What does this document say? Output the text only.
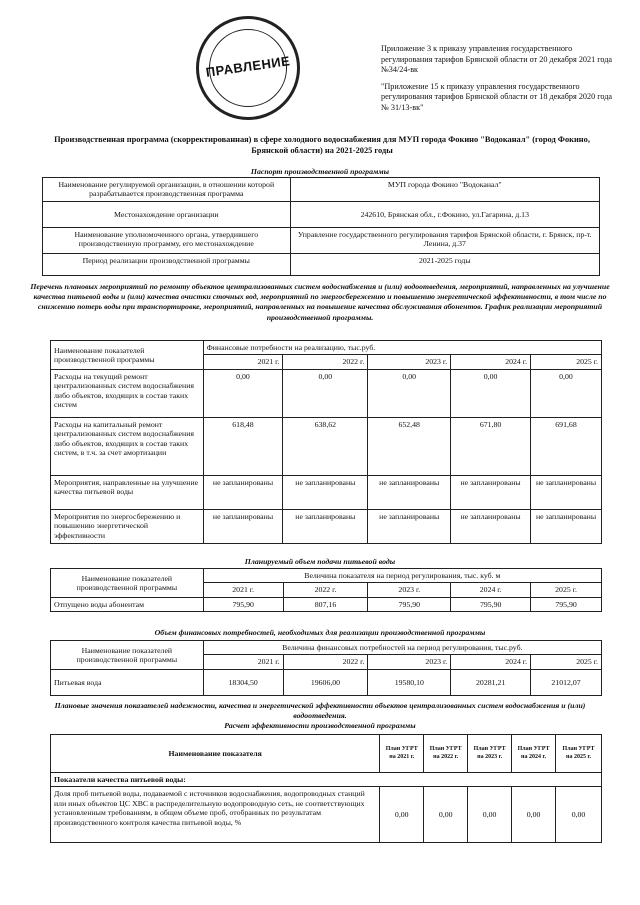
ПРАВЛЕНИЕ

Приложение 3 к приказу управления государственного регулирования тарифов Брянской области от 20 декабря 2021 года №34/24-вк

"Приложение 15 к приказу управления государственного регулирования тарифов Брянской области от 18 декабря 2020 года № 31/13-вк"

Производственная программа (скорректированная) в сфере холодного водоснабжения для МУП города Фокино "Водоканал" (город Фокино, Брянской области) на 2021-2025 годы
Паспорт производственной программы
Наименование регулируемой организации, в отношении которой разрабатывается производственная программа	МУП города Фокино "Водоканал"
Местонахождение организации	242610, Брянская обл., г.Фокино, ул.Гагарина, д.13
Наименование уполномоченного органа, утвердившего производственную программу, его местонахождение	Управление государственного регулирования тарифов Брянской области, г. Брянск, пр-т. Ленина, д.37
Период реализации производственной программы	2021-2025 годы
Перечень плановых мероприятий по ремонту объектов централизованных систем водоснабжения и (или) водоотведения, мероприятий, направленных на улучшение качества питьевой воды и (или) качества очистки сточных вод, мероприятий по энергосбережению и повышению энергетической эффективности, в том числе по снижению потерь воды при транспортировке, мероприятий, направленных на повышение качества обслуживания абонентов. График реализации мероприятий производственной программы.
Наименование показателей производственной программы	Финансовые потребности на реализацию, тыс.руб.				
	2021 г.	2022 г.	2023 г.	2024 г.	2025 г.
Расходы на текущий ремонт централизованных систем водоснабжения либо объектов, входящих в состав таких систем	0,00	0,00	0,00	0,00	0,00
Расходы на капитальный ремонт централизованных систем водоснабжения либо объектов, входящих в состав таких систем, в т.ч. за счет амортизации	618,48	638,62	652,48	671,80	691,68
Мероприятия, направленные на улучшение качества питьевой воды	не запланированы	не запланированы	не запланированы	не запланированы	не запланированы
Мероприятия по энергосбережению и повышению энергетической эффективности	не запланированы	не запланированы	не запланированы	не запланированы	не запланированы
Планируемый объем подачи питьевой воды
Наименование показателей производственной программы	Величина показателя на период регулирования, тыс. куб. м				
	2021 г.	2022 г.	2023 г.	2024 г.	2025 г.
Отпущено воды абонентам	795,90	807,16	795,90	795,90	795,90
Объем финансовых потребностей, необходимых для реализации производственной программы
Наименование показателей производственной программы	Величина финансовых потребностей на период регулирования, тыс.руб.				
	2021 г.	2022 г.	2023 г.	2024 г.	2025 г.
Питьевая вода	18304,50	19606,00	19580,10	20281,21	21012,07
Плановые значения показателей надежности, качества и энергетической эффективности объектов централизованных систем водоснабжения и (или) водоотведения.
Расчет эффективности производственной программы
Наименование показателя	План УГРТ на 2021 г.	План УГРТ на 2022 г.	План УГРТ на 2023 г.	План УГРТ на 2024 г.	План УГРТ на 2025 г.
Показатели качества питьевой воды:					
Доля проб питьевой воды, подаваемой с источников водоснабжения, водопроводных станций или иных объектов ЦС ХВС в распределительную водопроводную сеть, не соответствующих установленным требованиям, в общем объеме проб, отобранных по результатам производственного контроля качества питьевой воды, %	0,00	0,00	0,00	0,00	0,00
